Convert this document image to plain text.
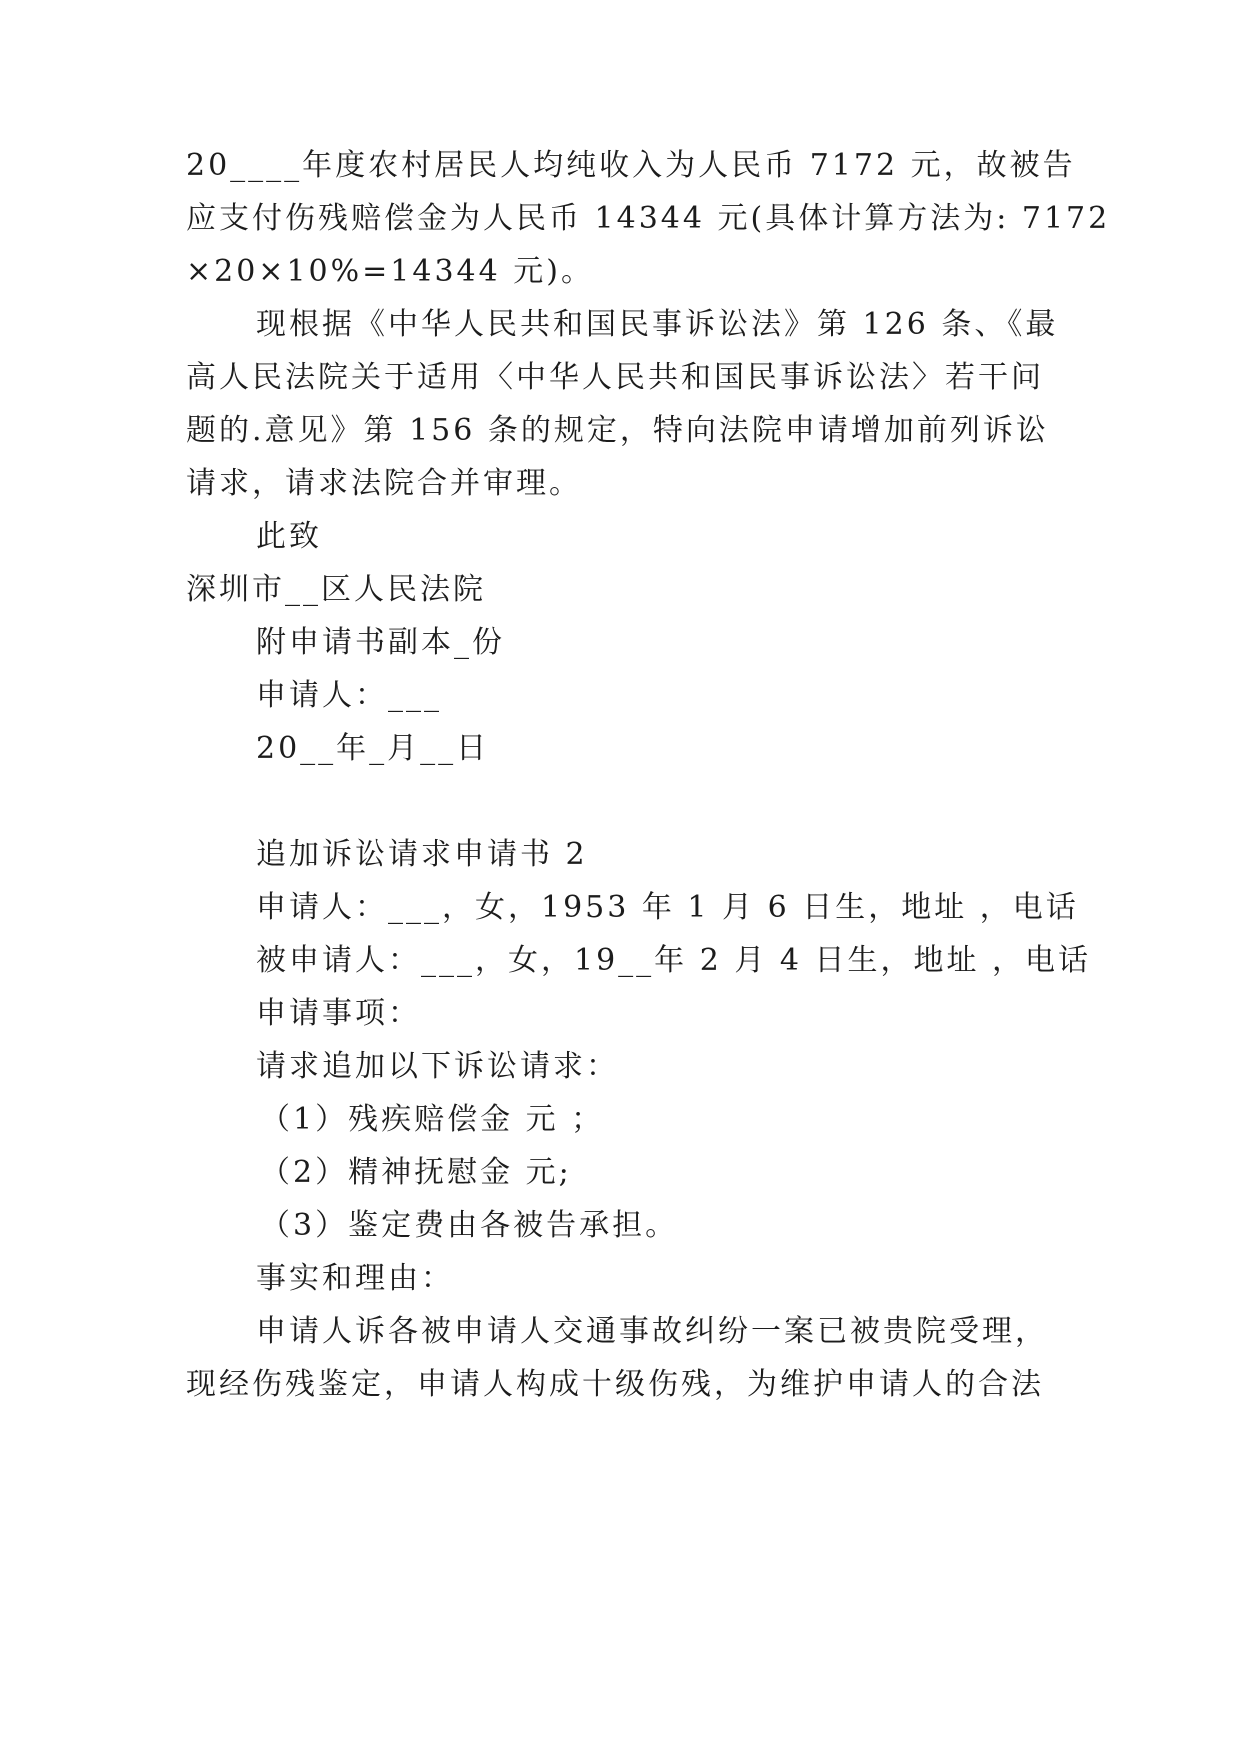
20____年度农村居民人均纯收入为人民币 7172 元，故被告
应支付伤残赔偿金为人民币 14344 元(具体计算方法为: 7172
×20×10%=14344 元)。
现根据《中华人民共和国民事诉讼法》第 126 条、《最
高人民法院关于适用〈中华人民共和国民事诉讼法〉若干问
题的.意见》第 156 条的规定，特向法院申请增加前列诉讼
请求，请求法院合并审理。
此致
深圳市__区人民法院
附申请书副本_份
申请人：___
20__年_月__日
追加诉讼请求申请书 2
申请人：___，女，1953 年 1 月 6 日生，地址 ，电话
被申请人：___，女，19__年 2 月 4 日生，地址 ，电话
申请事项：
请求追加以下诉讼请求：
（1）残疾赔偿金 元 ；
（2）精神抚慰金 元;
（3）鉴定费由各被告承担。
事实和理由：
申请人诉各被申请人交通事故纠纷一案已被贵院受理，
现经伤残鉴定，申请人构成十级伤残，为维护申请人的合法
